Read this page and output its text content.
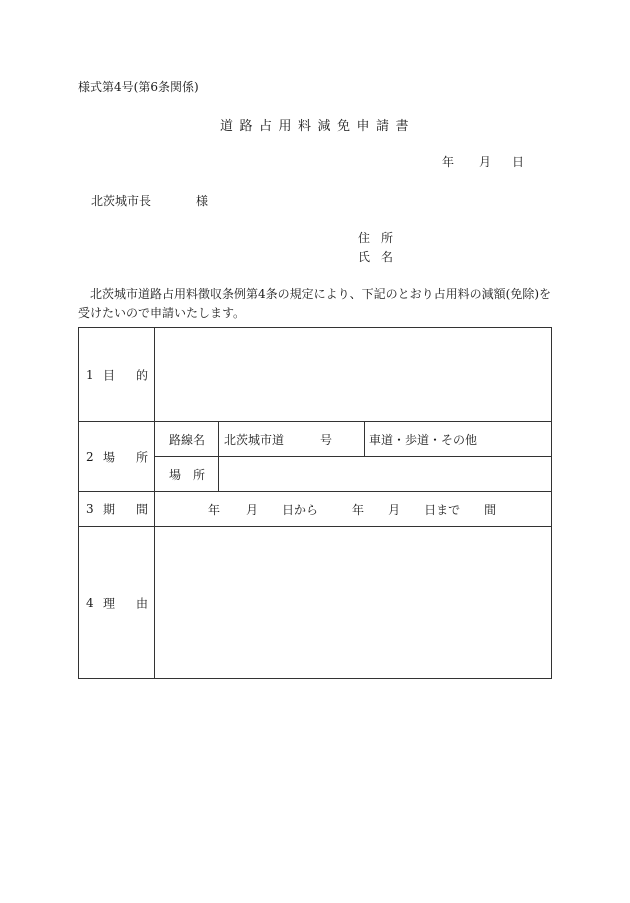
様式第4号(第6条関係)
道路占用料減免申請書
年 月 日
北茨城市長	様
住所
氏名
北茨城市道路占用料徴収条例第4条の規定により、下記のとおり占用料の減額(免除)を受けたいので申請いたします。
1 目的			

2 場所	路線名	北茨城市道 号	車道・歩道・その他
	場所		

3 期間	年 月 日から 年 月 日まで 間		

4 理由			
